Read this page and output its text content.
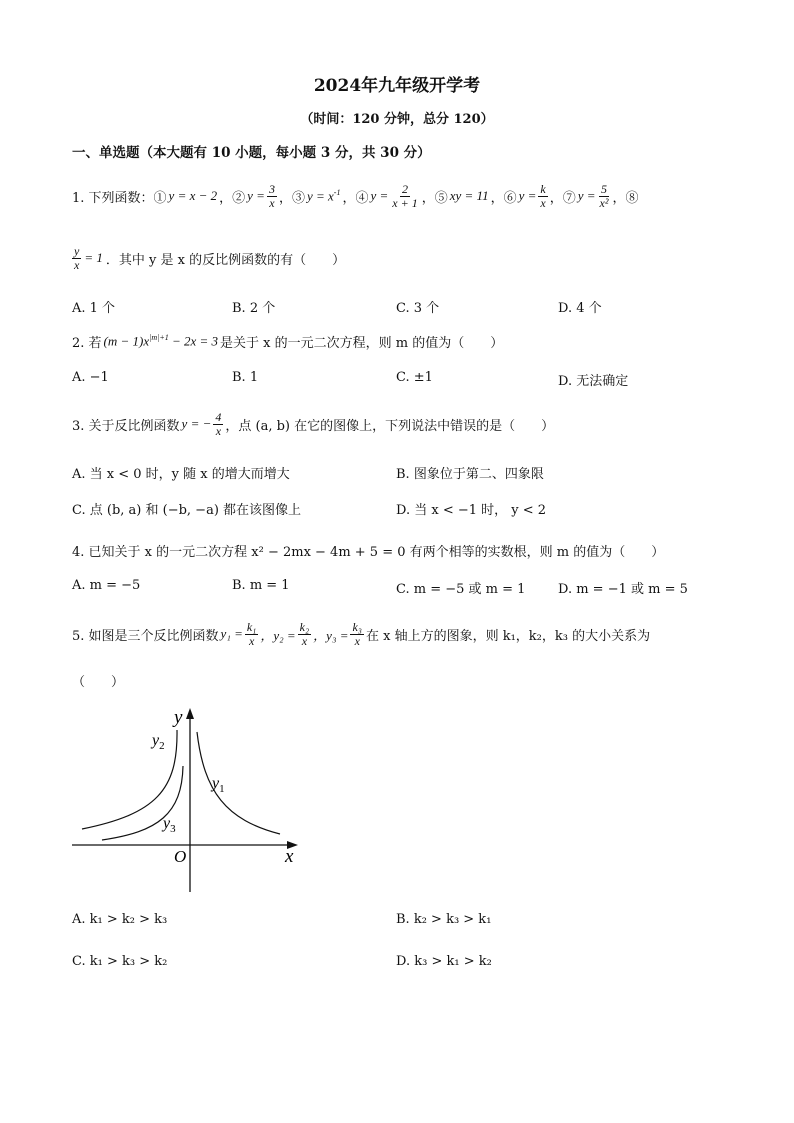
2024年九年级开学考
（时间：120 分钟，总分 120）
一、单选题（本大题有 10 小题，每小题 3 分，共 30 分）
1. 下列函数：① y = x − 2 ，② $y = \frac{3}{x}$ ，③ $y = x^{-1}$ ，④ $y = \frac{2}{x + 1}$ ，⑤ xy = 11 ，⑥ $y = \frac{k}{x}$ ，⑦ $y = \frac{5}{\text{x²}}$ ，⑧
$\frac{y}{x} = 1$ ．其中 y 是 x 的反比例函数的有（　　）
A. 1 个	B. 2 个	C. 3 个	D. 4 个
2. 若 $(m - 1)x^{|m|+1} - 2x = 3$ 是关于 x 的一元二次方程，则 m 的值为（　　）
A. −1	B. 1	C. ±1	D. 无法确定
3. 关于反比例函数 y = − $\frac{4}{x}$ ，点 (a, b) 在它的图像上，下列说法中错误的是（　　）
A. 当 x < 0 时，y 随 x 的增大而增大	B. 图象位于第二、四象限
C. 点 (b, a) 和 (−b, −a) 都在该图像上	D. 当 x < −1 时， y < 2
4. 已知关于 x 的一元二次方程 x² − 2mx − 4m + 5 = 0 有两个相等的实数根，则 m 的值为（　　）
A. m = −5	B. m = 1	C. m = −5 或 m = 1	D. m = −1 或 m = 5
5. 如图是三个反比例函数 $y_1 = \frac{\text{k₁}}{x}$ ，$y_2 = \frac{\text{k₂}}{x}$ ，$y_3 = \frac{\text{k₃}}{x}$ 在 x 轴上方的图象，则 k₁，k₂，k₃ 的大小关系为
（　　）
y
x
O
$y_2$
$y_1$
$y_3$
A. k₁ > k₂ > k₃	B. k₂ > k₃ > k₁
C. k₁ > k₃ > k₂	D. k₃ > k₁ > k₂
